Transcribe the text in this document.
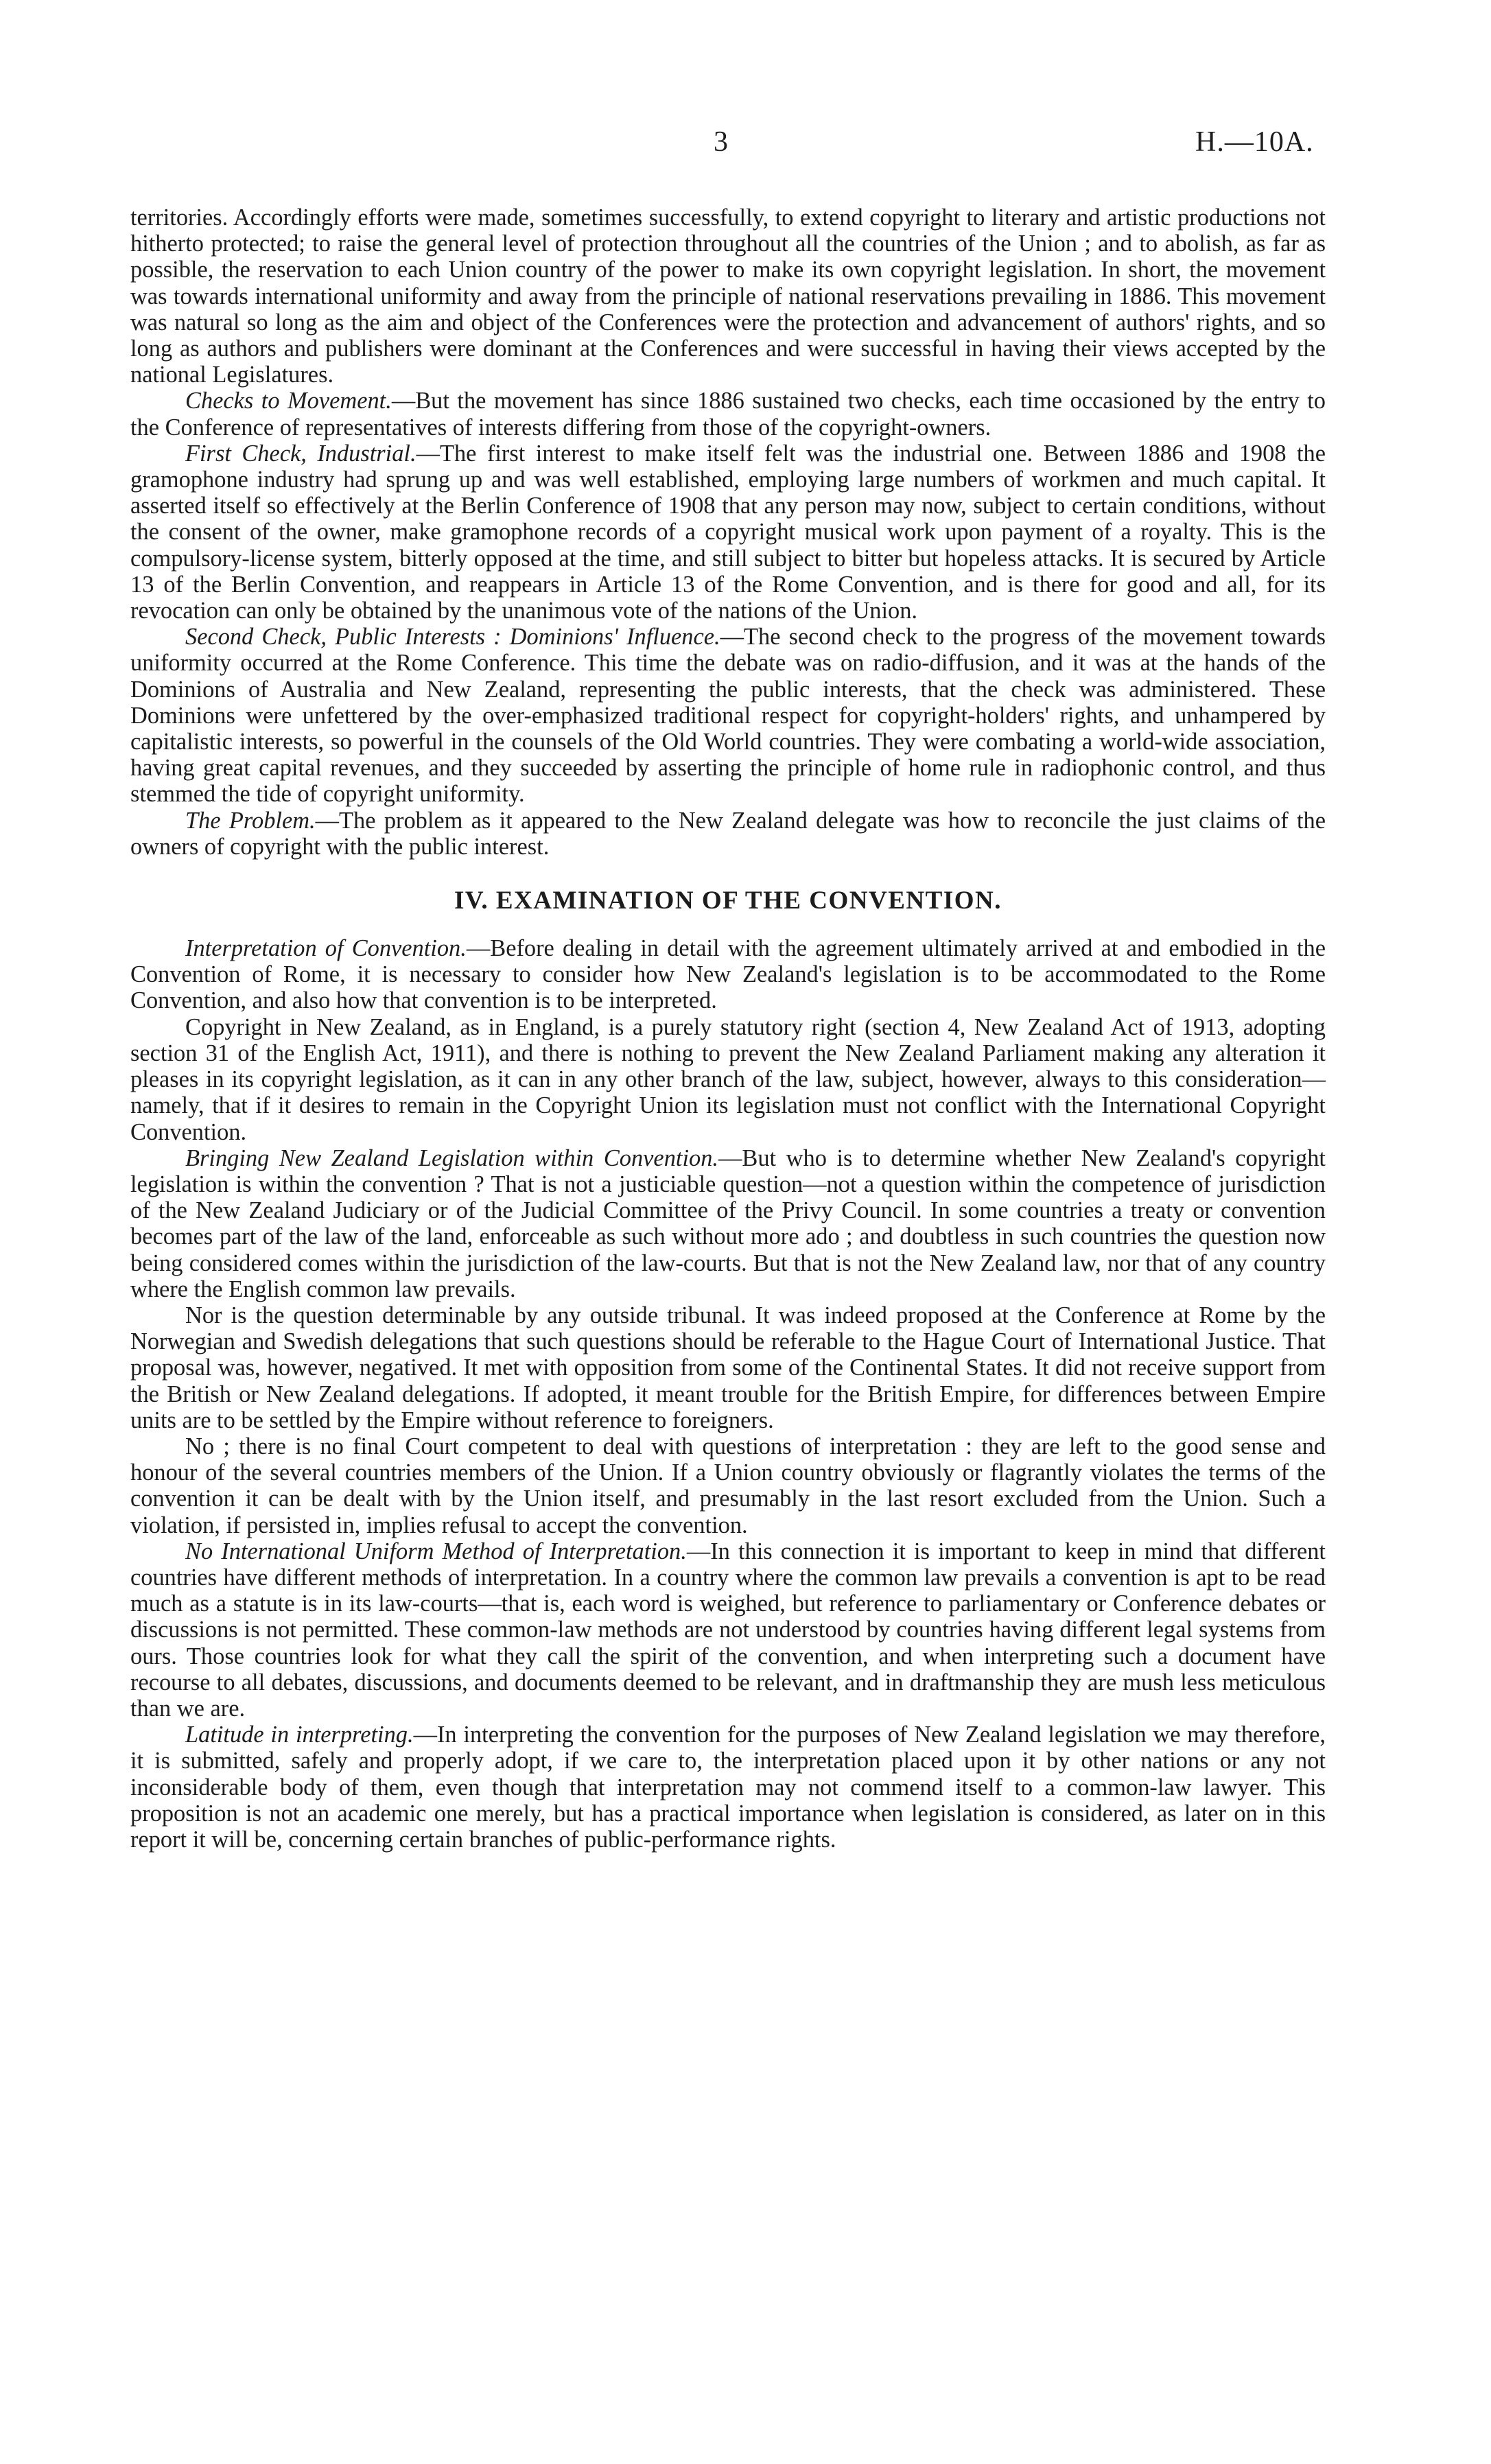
3	H.—10A.

territories. Accordingly efforts were made, sometimes successfully, to extend copyright to literary and artistic productions not hitherto protected; to raise the general level of protection throughout all the countries of the Union ; and to abolish, as far as possible, the reservation to each Union country of the power to make its own copyright legislation. In short, the movement was towards international uniformity and away from the principle of national reservations prevailing in 1886. This movement was natural so long as the aim and object of the Conferences were the protection and advancement of authors' rights, and so long as authors and publishers were dominant at the Conferences and were successful in having their views accepted by the national Legislatures.

Checks to Movement.—But the movement has since 1886 sustained two checks, each time occasioned by the entry to the Conference of representatives of interests differing from those of the copyright-owners.

First Check, Industrial.—The first interest to make itself felt was the industrial one. Between 1886 and 1908 the gramophone industry had sprung up and was well established, employing large numbers of workmen and much capital. It asserted itself so effectively at the Berlin Conference of 1908 that any person may now, subject to certain conditions, without the consent of the owner, make gramophone records of a copyright musical work upon payment of a royalty. This is the compulsory-license system, bitterly opposed at the time, and still subject to bitter but hopeless attacks. It is secured by Article 13 of the Berlin Convention, and reappears in Article 13 of the Rome Convention, and is there for good and all, for its revocation can only be obtained by the unanimous vote of the nations of the Union.

Second Check, Public Interests : Dominions' Influence.—The second check to the progress of the movement towards uniformity occurred at the Rome Conference. This time the debate was on radio-diffusion, and it was at the hands of the Dominions of Australia and New Zealand, representing the public interests, that the check was administered. These Dominions were unfettered by the over-emphasized traditional respect for copyright-holders' rights, and unhampered by capitalistic interests, so powerful in the counsels of the Old World countries. They were combating a world-wide association, having great capital revenues, and they succeeded by asserting the principle of home rule in radiophonic control, and thus stemmed the tide of copyright uniformity.

The Problem.—The problem as it appeared to the New Zealand delegate was how to reconcile the just claims of the owners of copyright with the public interest.

IV. EXAMINATION OF THE CONVENTION.

Interpretation of Convention.—Before dealing in detail with the agreement ultimately arrived at and embodied in the Convention of Rome, it is necessary to consider how New Zealand's legislation is to be accommodated to the Rome Convention, and also how that convention is to be interpreted.

Copyright in New Zealand, as in England, is a purely statutory right (section 4, New Zealand Act of 1913, adopting section 31 of the English Act, 1911), and there is nothing to prevent the New Zealand Parliament making any alteration it pleases in its copyright legislation, as it can in any other branch of the law, subject, however, always to this consideration—namely, that if it desires to remain in the Copyright Union its legislation must not conflict with the International Copyright Convention.

Bringing New Zealand Legislation within Convention.—But who is to determine whether New Zealand's copyright legislation is within the convention ? That is not a justiciable question—not a question within the competence of jurisdiction of the New Zealand Judiciary or of the Judicial Committee of the Privy Council. In some countries a treaty or convention becomes part of the law of the land, enforceable as such without more ado ; and doubtless in such countries the question now being considered comes within the jurisdiction of the law-courts. But that is not the New Zealand law, nor that of any country where the English common law prevails.

Nor is the question determinable by any outside tribunal. It was indeed proposed at the Conference at Rome by the Norwegian and Swedish delegations that such questions should be referable to the Hague Court of International Justice. That proposal was, however, negatived. It met with opposition from some of the Continental States. It did not receive support from the British or New Zealand delegations. If adopted, it meant trouble for the British Empire, for differences between Empire units are to be settled by the Empire without reference to foreigners.

No ; there is no final Court competent to deal with questions of interpretation : they are left to the good sense and honour of the several countries members of the Union. If a Union country obviously or flagrantly violates the terms of the convention it can be dealt with by the Union itself, and presumably in the last resort excluded from the Union. Such a violation, if persisted in, implies refusal to accept the convention.

No International Uniform Method of Interpretation.—In this connection it is important to keep in mind that different countries have different methods of interpretation. In a country where the common law prevails a convention is apt to be read much as a statute is in its law-courts—that is, each word is weighed, but reference to parliamentary or Conference debates or discussions is not permitted. These common-law methods are not understood by countries having different legal systems from ours. Those countries look for what they call the spirit of the convention, and when interpreting such a document have recourse to all debates, discussions, and documents deemed to be relevant, and in draftmanship they are mush less meticulous than we are.

Latitude in interpreting.—In interpreting the convention for the purposes of New Zealand legislation we may therefore, it is submitted, safely and properly adopt, if we care to, the interpretation placed upon it by other nations or any not inconsiderable body of them, even though that interpretation may not commend itself to a common-law lawyer. This proposition is not an academic one merely, but has a practical importance when legislation is considered, as later on in this report it will be, concerning certain branches of public-performance rights.
